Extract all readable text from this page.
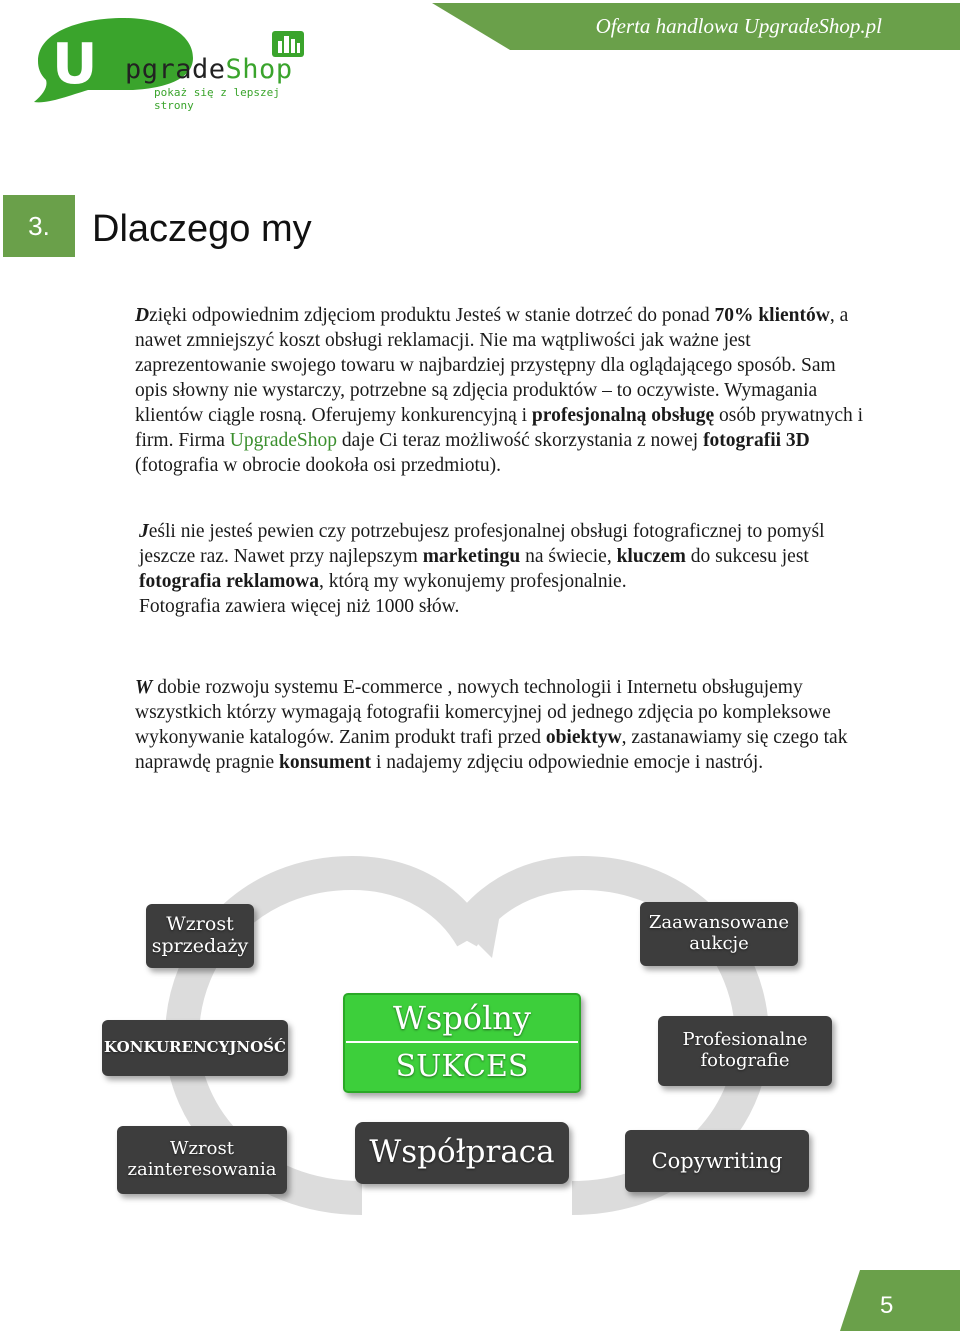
Oferta handlowa UpgradeShop.pl
U pgradeShop
pokaż się z lepszej strony
3.	Dlaczego my

Dzięki odpowiednim zdjęciom produktu Jesteś w stanie dotrzeć do ponad 70% klientów, a nawet zmniejszyć koszt obsługi reklamacji. Nie ma wątpliwości jak ważne jest zaprezentowanie swojego towaru w najbardziej przystępny dla oglądającego sposób. Sam opis słowny nie wystarczy, potrzebne są zdjęcia produktów – to oczywiste. Wymagania klientów ciągle rosną. Oferujemy konkurencyjną i profesjonalną obsługę osób prywatnych i firm. Firma UpgradeShop daje Ci teraz możliwość skorzystania z nowej fotografii 3D (fotografia w obrocie dookoła osi przedmiotu).

Jeśli nie jesteś pewien czy potrzebujesz profesjonalnej obsługi fotograficznej to pomyśl
jeszcze raz. Nawet przy najlepszym marketingu na świecie, kluczem do sukcesu jest fotografia reklamowa, którą my wykonujemy profesjonalnie.
Fotografia zawiera więcej niż 1000 słów.

W dobie rozwoju systemu E-commerce , nowych technologii i Internetu obsługujemy wszystkich którzy wymagają fotografii komercyjnej od jednego zdjęcia po kompleksowe wykonywanie katalogów. Zanim produkt trafi przed obiektyw, zastanawiamy się czego tak naprawdę pragnie konsument i nadajemy zdjęciu odpowiednie emocje i nastrój.

Wzrost sprzedaży
KONKURENCYJNOŚĆ
Wzrost zainteresowania
Zaawansowane aukcje
Profesionalne fotografie
Copywriting
Wspólny
SUKCES
Współpraca
5
